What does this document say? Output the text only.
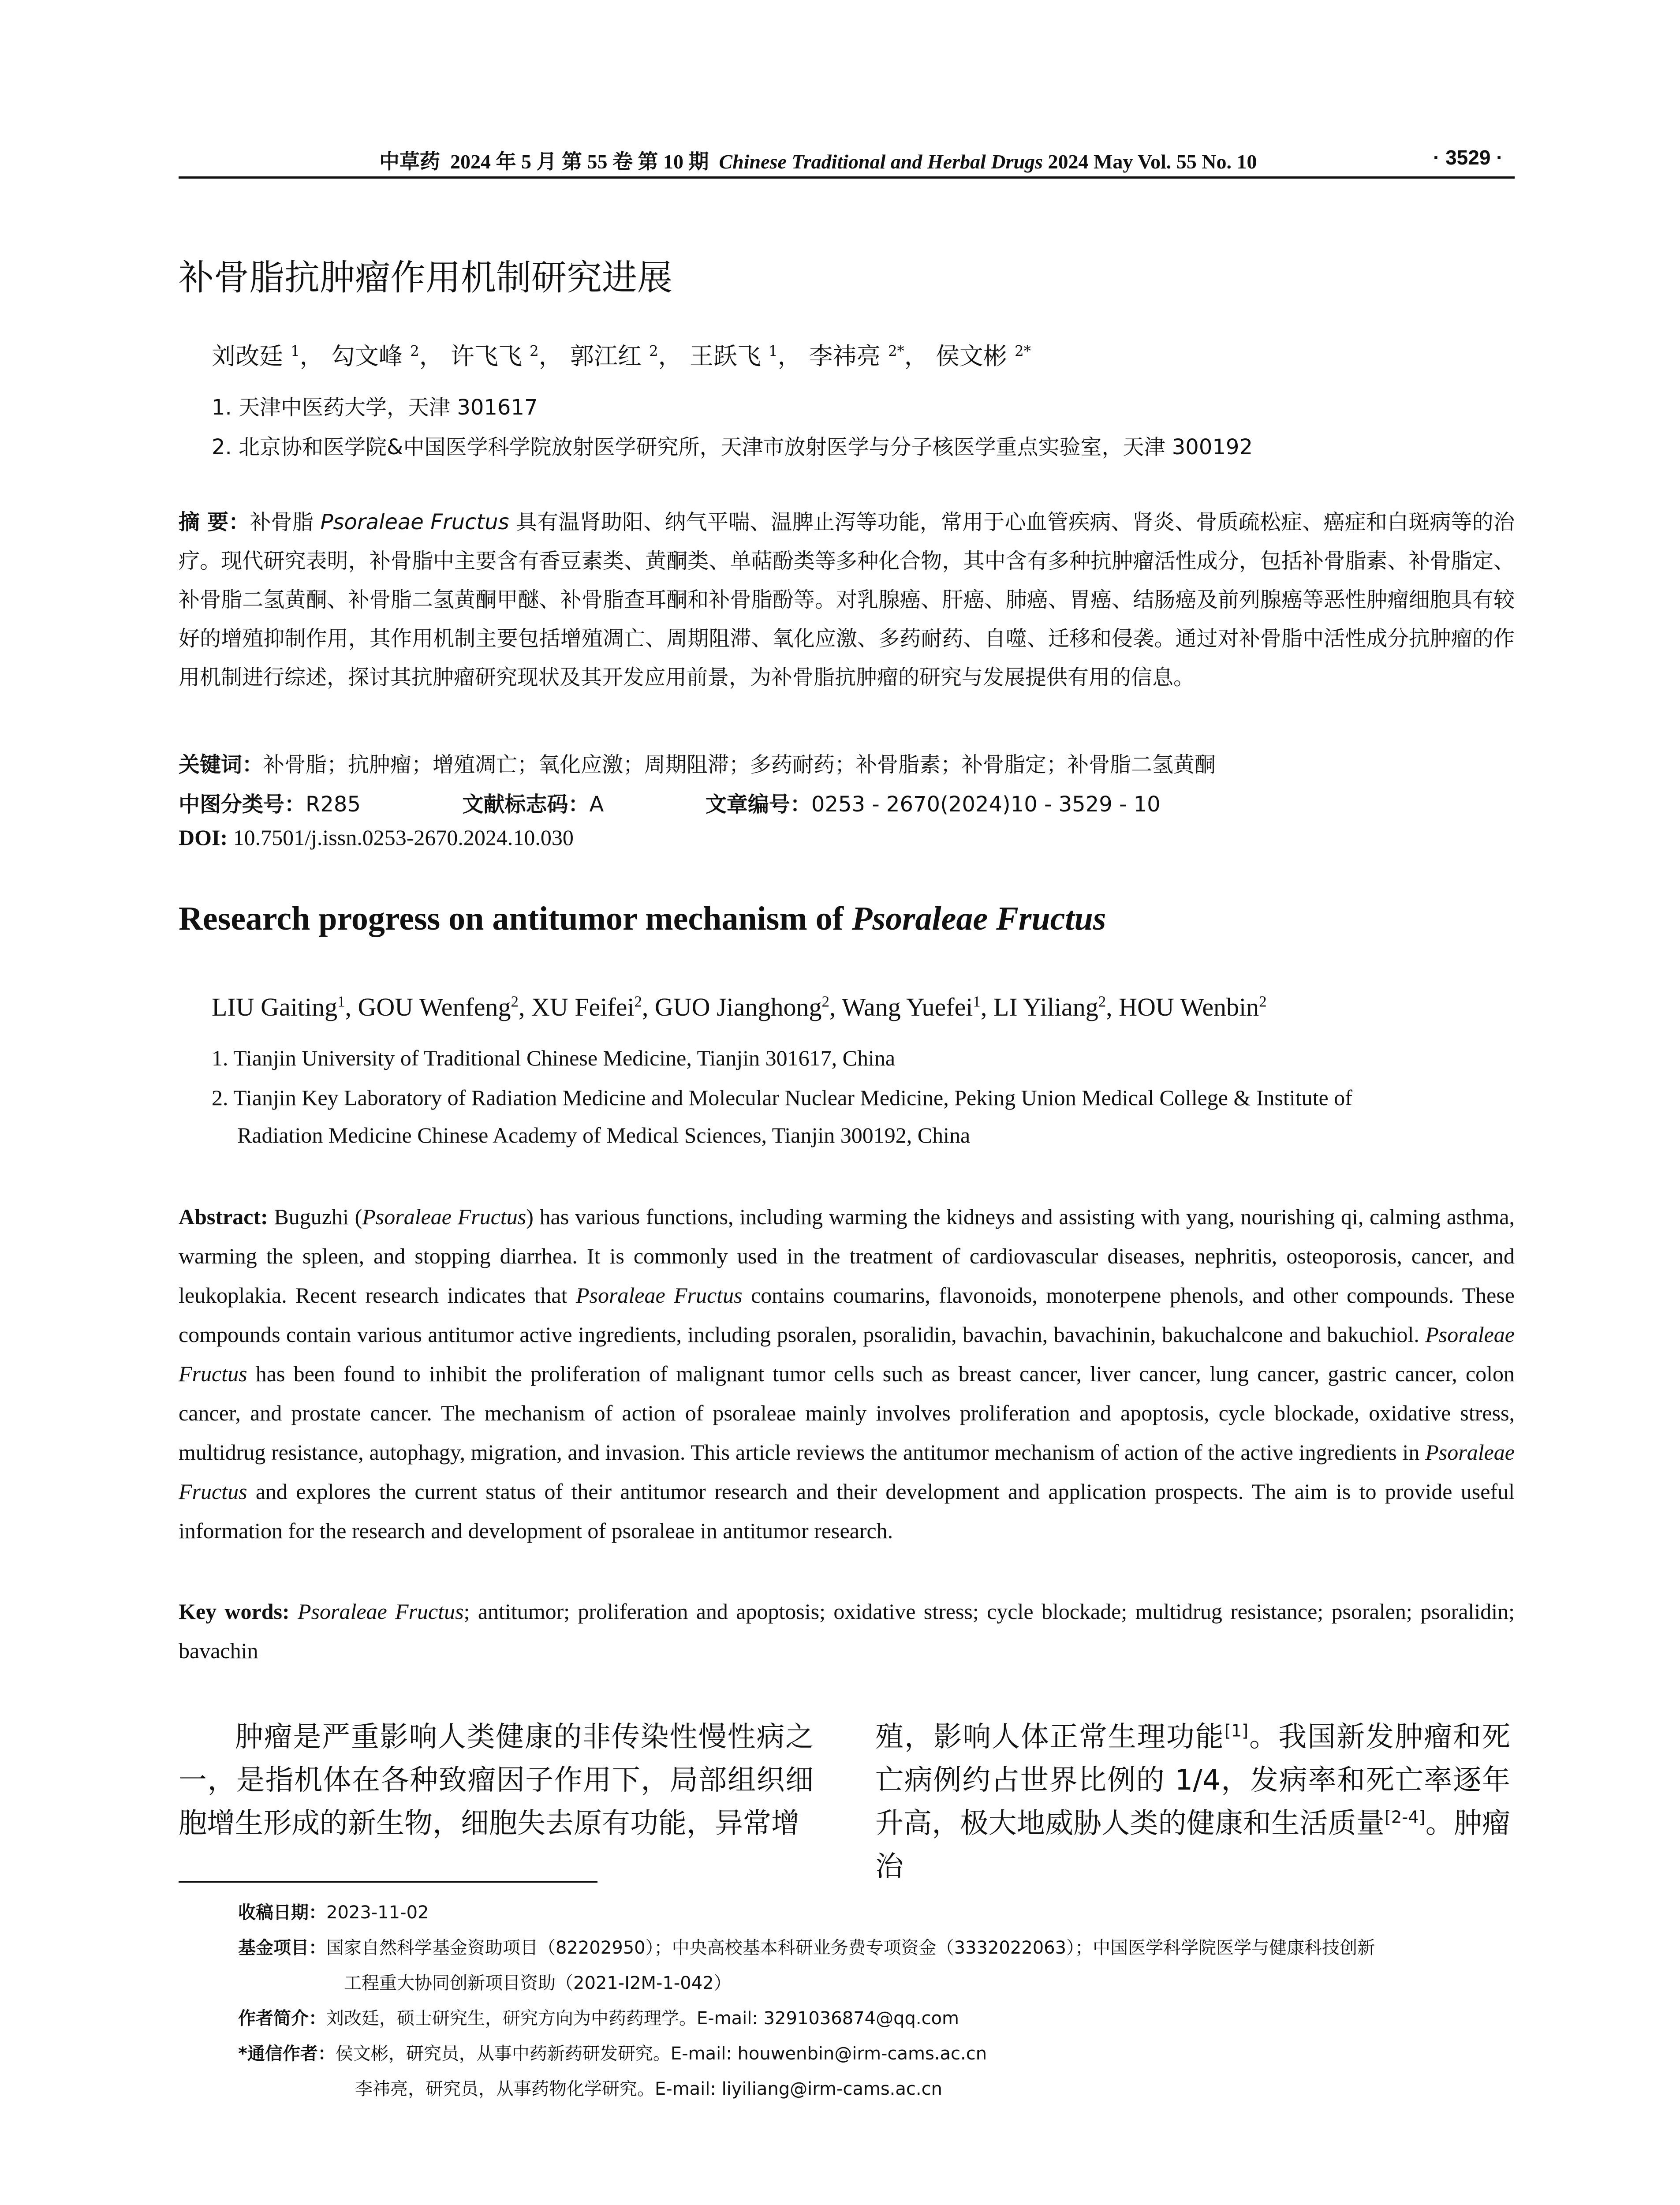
中草药 2024 年 5 月 第 55 卷 第 10 期 Chinese Traditional and Herbal Drugs 2024 May Vol. 55 No. 10	· 3529 ·
补骨脂抗肿瘤作用机制研究进展
刘改廷 $^1$， 勾文峰 $^2$， 许飞飞 $^2$， 郭江红 $^2$， 王跃飞 $^1$， 李祎亮 $^{2*}$， 侯文彬 $^{2*}$
1. 天津中医药大学，天津 301617
2. 北京协和医学院&中国医学科学院放射医学研究所，天津市放射医学与分子核医学重点实验室，天津 300192
摘 要：补骨脂 Psoraleae Fructus 具有温肾助阳、纳气平喘、温脾止泻等功能，常用于心血管疾病、肾炎、骨质疏松症、癌症和白斑病等的治疗。现代研究表明，补骨脂中主要含有香豆素类、黄酮类、单萜酚类等多种化合物，其中含有多种抗肿瘤活性成分，包括补骨脂素、补骨脂定、补骨脂二氢黄酮、补骨脂二氢黄酮甲醚、补骨脂查耳酮和补骨脂酚等。对乳腺癌、肝癌、肺癌、胃癌、结肠癌及前列腺癌等恶性肿瘤细胞具有较好的增殖抑制作用，其作用机制主要包括增殖凋亡、周期阻滞、氧化应激、多药耐药、自噬、迁移和侵袭。通过对补骨脂中活性成分抗肿瘤的作用机制进行综述，探讨其抗肿瘤研究现状及其开发应用前景，为补骨脂抗肿瘤的研究与发展提供有用的信息。
关键词：补骨脂；抗肿瘤；增殖凋亡；氧化应激；周期阻滞；多药耐药；补骨脂素；补骨脂定；补骨脂二氢黄酮
中图分类号：R285	文献标志码：A	文章编号：0253 - 2670(2024)10 - 3529 - 10
DOI: 10.7501/j.issn.0253-2670.2024.10.030
Research progress on antitumor mechanism of Psoraleae Fructus
LIU Gaiting$^1$, GOU Wenfeng$^2$, XU Feifei$^2$, GUO Jianghong$^2$, Wang Yuefei$^1$, LI Yiliang$^2$, HOU Wenbin$^2$
1. Tianjin University of Traditional Chinese Medicine, Tianjin 301617, China
2. Tianjin Key Laboratory of Radiation Medicine and Molecular Nuclear Medicine, Peking Union Medical College & Institute of
Radiation Medicine Chinese Academy of Medical Sciences, Tianjin 300192, China
Abstract: Buguzhi (Psoraleae Fructus) has various functions, including warming the kidneys and assisting with yang, nourishing qi, calming asthma, warming the spleen, and stopping diarrhea. It is commonly used in the treatment of cardiovascular diseases, nephritis, osteoporosis, cancer, and leukoplakia. Recent research indicates that Psoraleae Fructus contains coumarins, flavonoids, monoterpene phenols, and other compounds. These compounds contain various antitumor active ingredients, including psoralen, psoralidin, bavachin, bavachinin, bakuchalcone and bakuchiol. Psoraleae Fructus has been found to inhibit the proliferation of malignant tumor cells such as breast cancer, liver cancer, lung cancer, gastric cancer, colon cancer, and prostate cancer. The mechanism of action of psoraleae mainly involves proliferation and apoptosis, cycle blockade, oxidative stress, multidrug resistance, autophagy, migration, and invasion. This article reviews the antitumor mechanism of action of the active ingredients in Psoraleae Fructus and explores the current status of their antitumor research and their development and application prospects. The aim is to provide useful information for the research and development of psoraleae in antitumor research.
Key words: Psoraleae Fructus; antitumor; proliferation and apoptosis; oxidative stress; cycle blockade; multidrug resistance; psoralen; psoralidin; bavachin
肿瘤是严重影响人类健康的非传染性慢性病之一，是指机体在各种致瘤因子作用下，局部组织细胞增生形成的新生物，细胞失去原有功能，异常增
殖，影响人体正常生理功能[1]。我国新发肿瘤和死亡病例约占世界比例的 1/4，发病率和死亡率逐年升高，极大地威胁人类的健康和生活质量[2-4]。肿瘤治
收稿日期：2023-11-02
基金项目：国家自然科学基金资助项目（82202950）；中央高校基本科研业务费专项资金（3332022063）；中国医学科学院医学与健康科技创新
工程重大协同创新项目资助（2021-I2M-1-042）
作者简介：刘改廷，硕士研究生，研究方向为中药药理学。E-mail: 3291036874@qq.com
*通信作者：侯文彬，研究员，从事中药新药研发研究。E-mail: houwenbin@irm-cams.ac.cn
李祎亮，研究员，从事药物化学研究。E-mail: liyiliang@irm-cams.ac.cn
